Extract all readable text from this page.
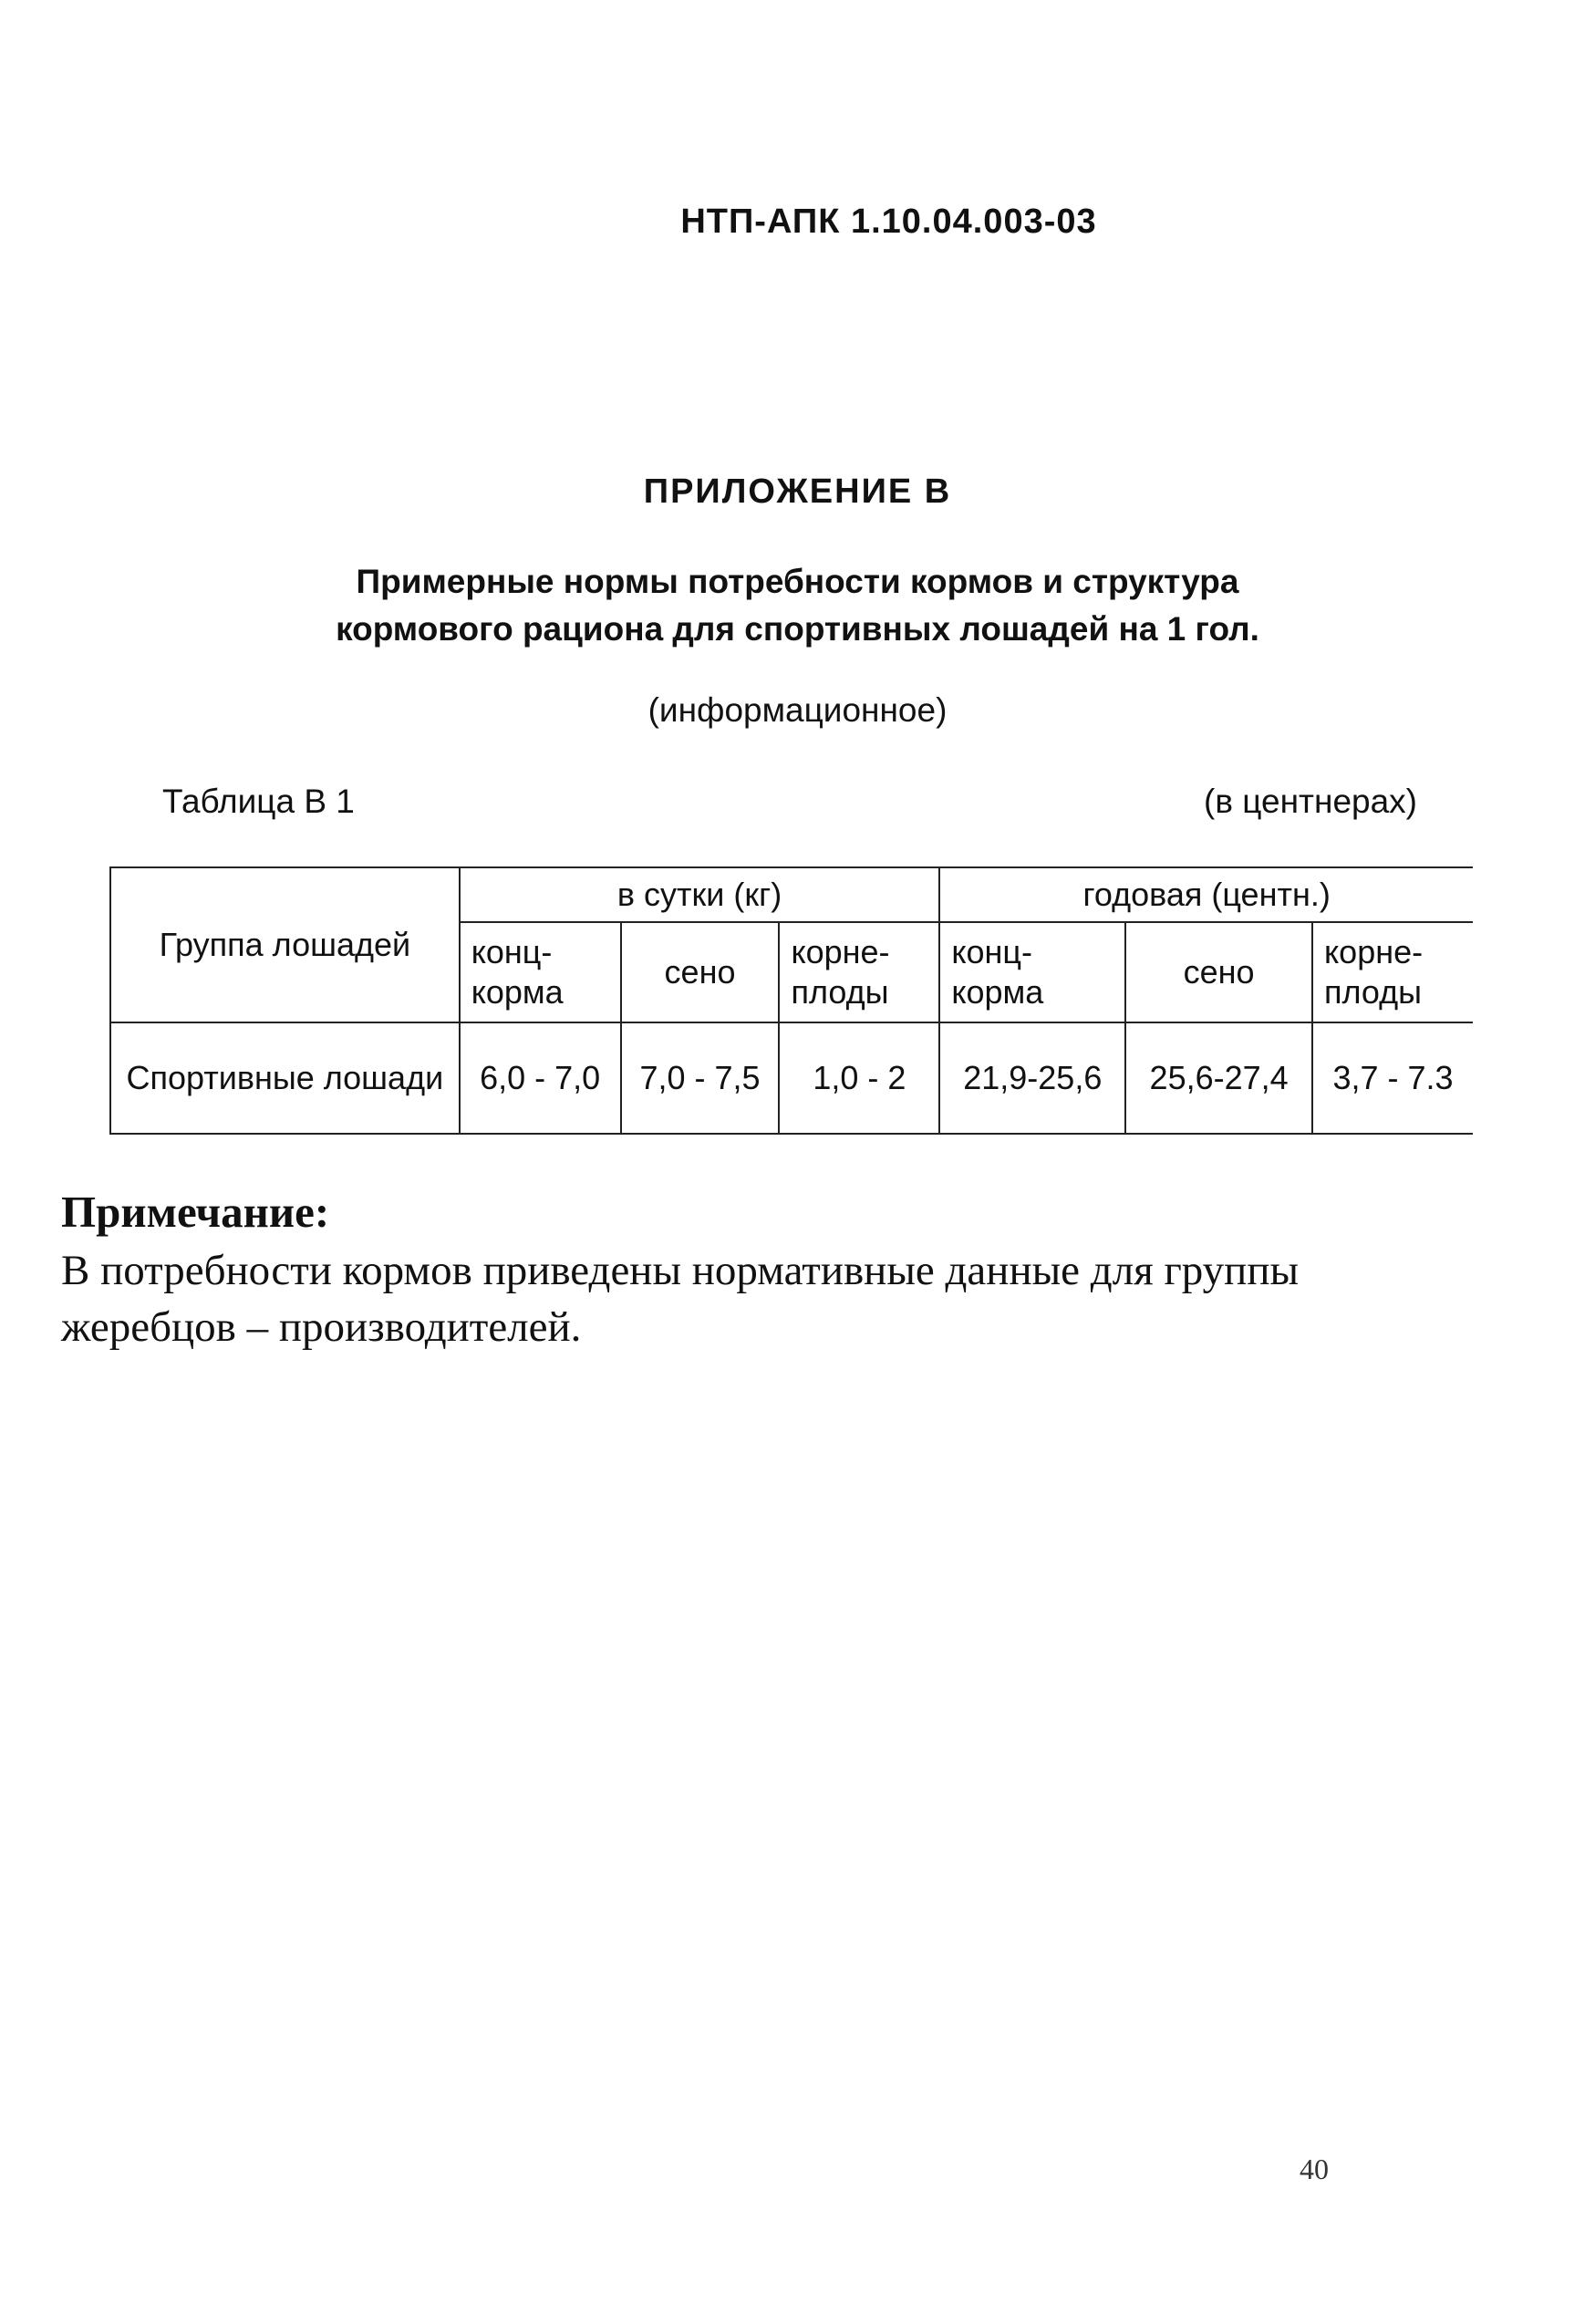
НТП-АПК 1.10.04.003-03
ПРИЛОЖЕНИЕ В
Примерные нормы потребности кормов и структура
кормового рациона для спортивных лошадей на 1 гол.
(информационное)
Таблица В 1	(в центнерах)
Группа лошадей	в сутки (кг)			годовая (центн.)		
	конц-корма	сено	корне-плоды	конц-корма	сено	корне-плоды
Спортивные лошади	6,0 - 7,0	7,0 - 7,5	1,0 - 2	21,9-25,6	25,6-27,4	3,7 - 7.3
Примечание:
В потребности кормов приведены нормативные данные для группы жеребцов – производителей.
40
